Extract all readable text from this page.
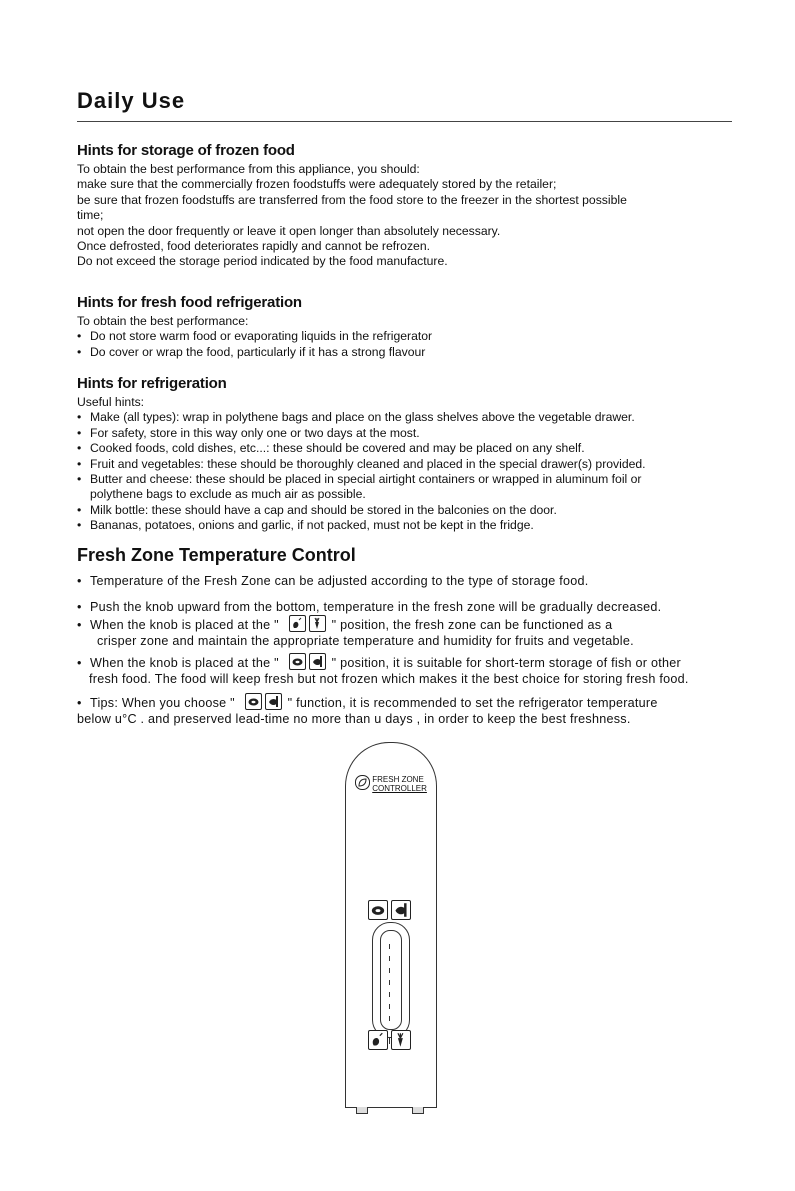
Daily Use
Hints for storage of frozen food
To obtain the best performance from this appliance, you should:
make sure that the commercially frozen foodstuffs were adequately stored by the retailer;
be sure that frozen foodstuffs are transferred from the food store to the freezer in the shortest possible
time;
not open the door frequently or leave it open longer than absolutely necessary.
Once defrosted, food deteriorates rapidly and cannot be refrozen.
Do not exceed the storage period indicated by the food manufacture.
Hints for fresh food refrigeration
To obtain the best performance:
• Do not store warm food or evaporating liquids in the refrigerator
• Do cover or wrap the food, particularly if it has a strong flavour
Hints for refrigeration
Useful hints:
• Make (all types): wrap in polythene bags and place on the glass shelves above the vegetable drawer.
• For safety, store in this way only one or two days at the most.
• Cooked foods, cold dishes, etc...: these should be covered and may be placed on any shelf.
• Fruit and vegetables: these should be thoroughly cleaned and placed in the special drawer(s) provided.
• Butter and cheese: these should be placed in special airtight containers or wrapped in aluminum foil or
polythene bags to exclude as much air as possible.
• Milk bottle: these should have a cap and should be stored in the balconies on the door.
• Bananas, potatoes, onions and garlic, if not packed, must not be kept in the fridge.
Fresh Zone Temperature Control
• Temperature of the Fresh Zone can be adjusted according to the type of storage food.
• Push the knob upward from the bottom, temperature in the fresh zone will be gradually decreased.
• When the knob is placed at the "	" position, the fresh zone can be functioned as a
crisper zone and maintain the appropriate temperature and humidity for fruits and vegetable.
• When the knob is placed at the "	" position, it is suitable for short-term storage of fish or other
fresh food. The food will keep fresh but not frozen which makes it the best choice for storing fresh food.
• Tips: When you choose "	" function, it is recommended to set the refrigerator temperature
below u°C . and preserved lead-time no more than u days , in order to keep the best freshness.

FRESH ZONE
CONTROLLER
